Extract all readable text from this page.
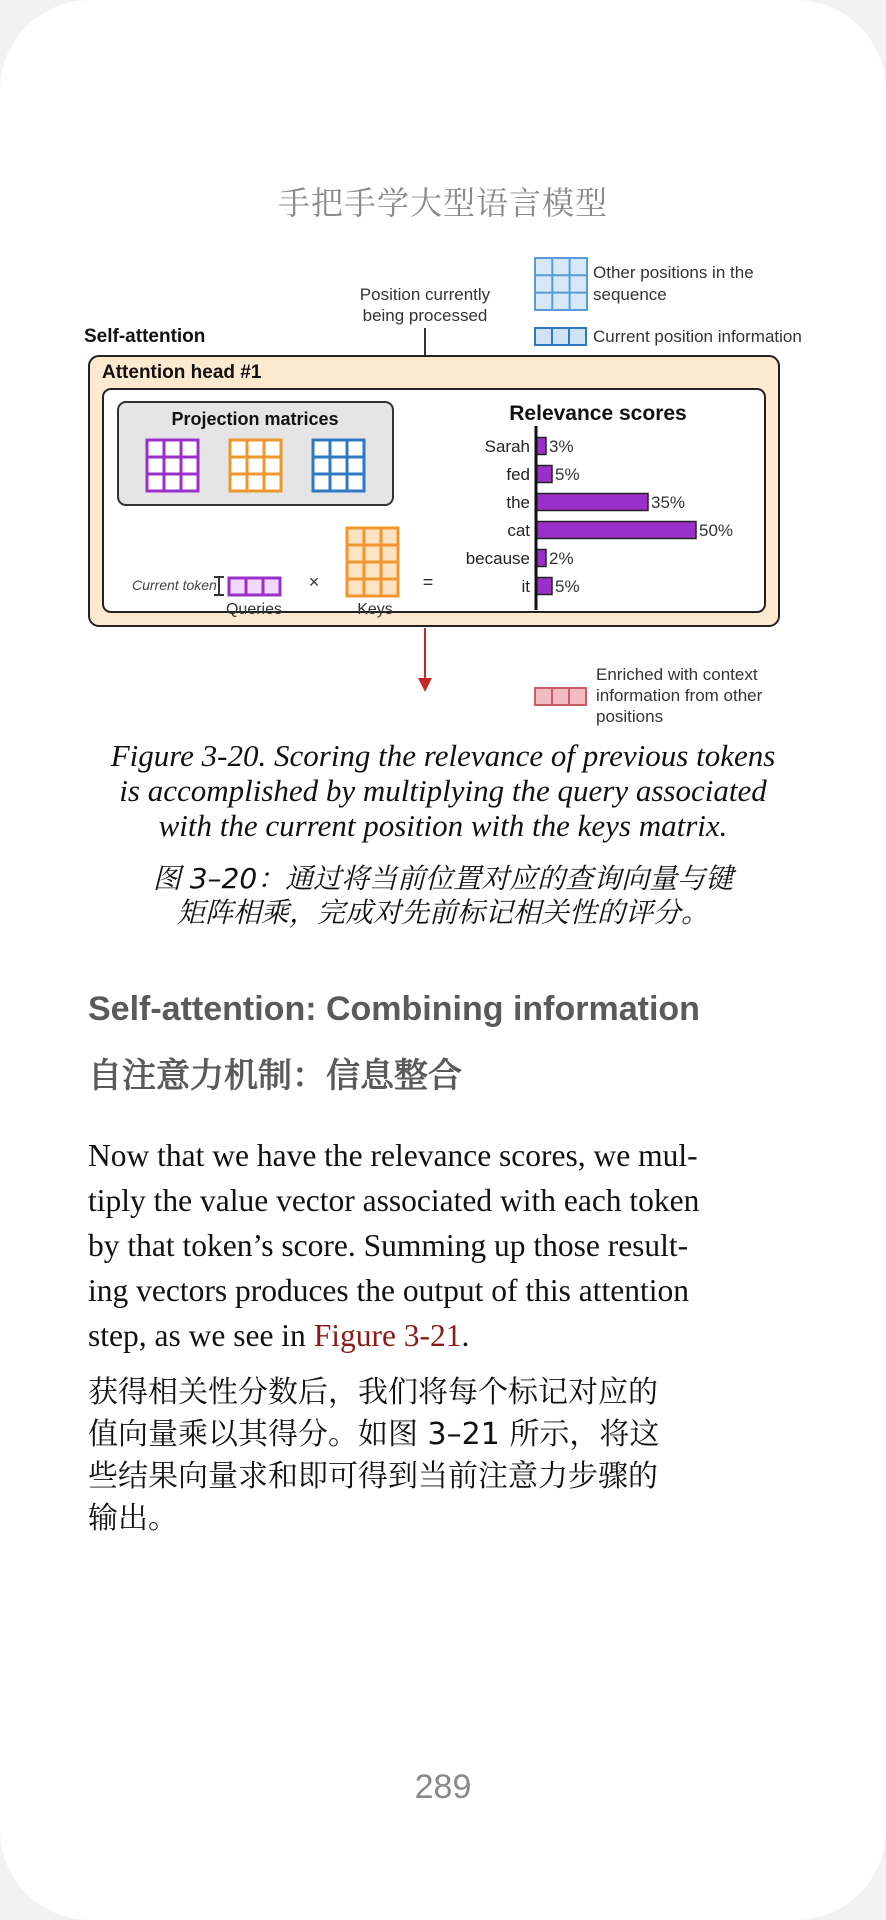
手把手学大型语言模型
Other positions in the
sequence
Current position information
Position currently
being processed
Self-attention
Attention head #1
Projection matrices
Current token
Queries
×
Keys
=
Relevance scores
Sarah 3%
fed 5%
the	35%
cat	50%
because 2%
it 5%
Enriched with context
information from other
positions
Figure 3-20. Scoring the relevance of previous tokens
is accomplished by multiplying the query associated
with the current position with the keys matrix.
图 3–20：通过将当前位置对应的查询向量与键
矩阵相乘，完成对先前标记相关性的评分。
Self-attention: Combining information
自注意力机制：信息整合
Now that we have the relevance scores, we mul-
tiply the value vector associated with each token
by that token’s score. Summing up those result-
ing vectors produces the output of this attention
step, as we see in Figure 3-21.
获得相关性分数后，我们将每个标记对应的
值向量乘以其得分。如图 3–21 所示，将这
些结果向量求和即可得到当前注意力步骤的
输出。
289
